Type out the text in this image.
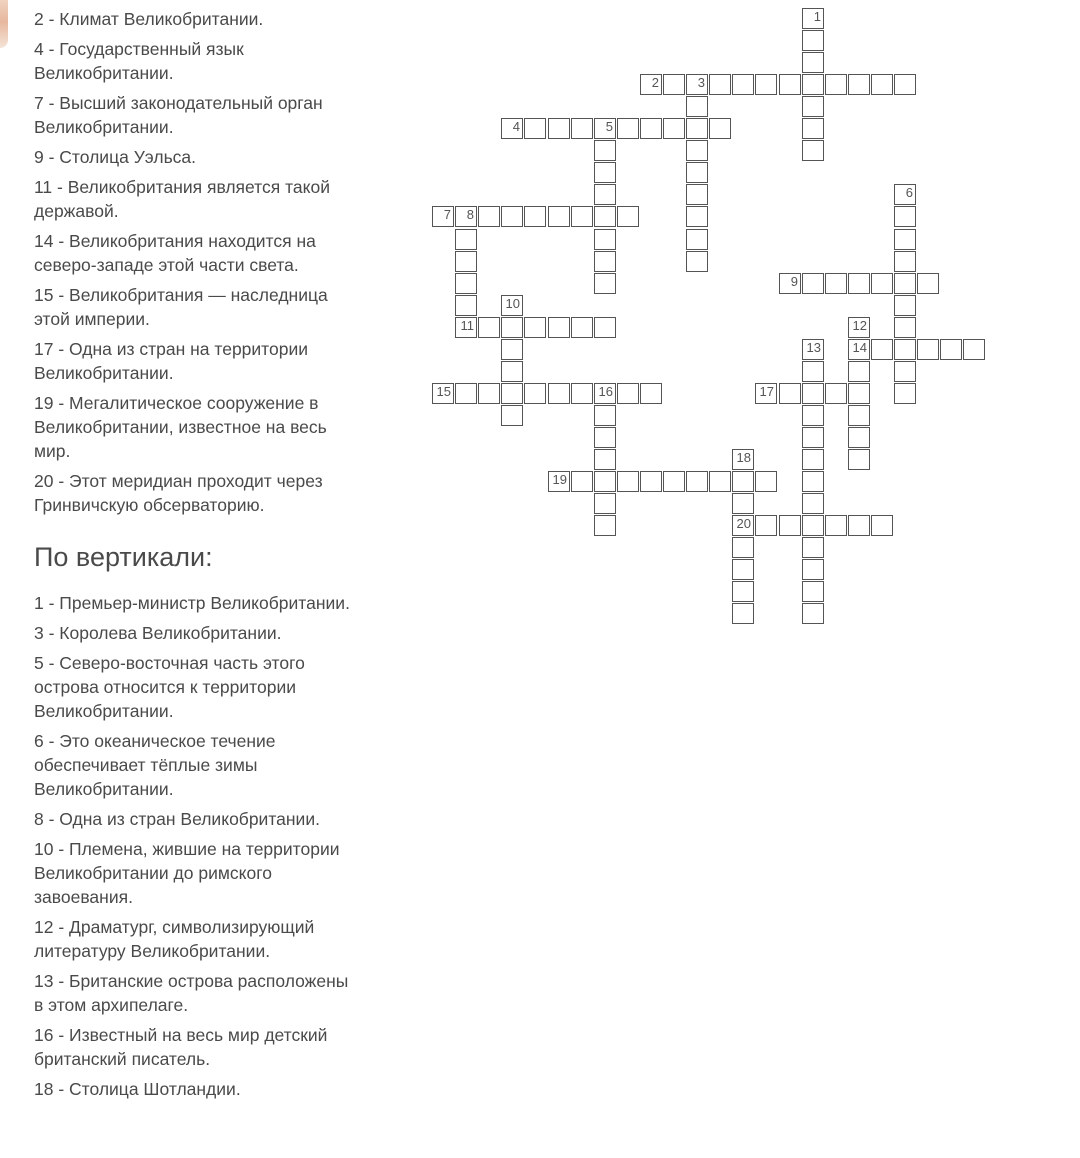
2 - Климат Великобритании.

4 - Государственный язык Великобритании.

7 - Высший законодательный орган Великобритании.

9 - Столица Уэльса.

11 - Великобритания является такой державой.

14 - Великобритания находится на северо-западе этой части света.

15 - Великобритания — наследница этой империи.

17 - Одна из стран на территории Великобритании.

19 - Мегалитическое сооружение в Великобритании, известное на весь мир.

20 - Этот меридиан проходит через Гринвичскую обсерваторию.

По вертикали:

1 - Премьер-министр Великобритании.

3 - Королева Великобритании.

5 - Северо-восточная часть этого острова относится к территории Великобритании.

6 - Это океаническое течение обеспечивает тёплые зимы Великобритании.

8 - Одна из стран Великобритании.

10 - Племена, жившие на территории Великобритании до римского завоевания.

12 - Драматург, символизирующий литературу Великобритании.

13 - Британские острова расположены в этом архипелаге.

16 - Известный на весь мир детский британский писатель.

18 - Столица Шотландии.

1
2	3
4	5
6
7 8
11
9
10
12
14
13
15	16	17
18
20
19
